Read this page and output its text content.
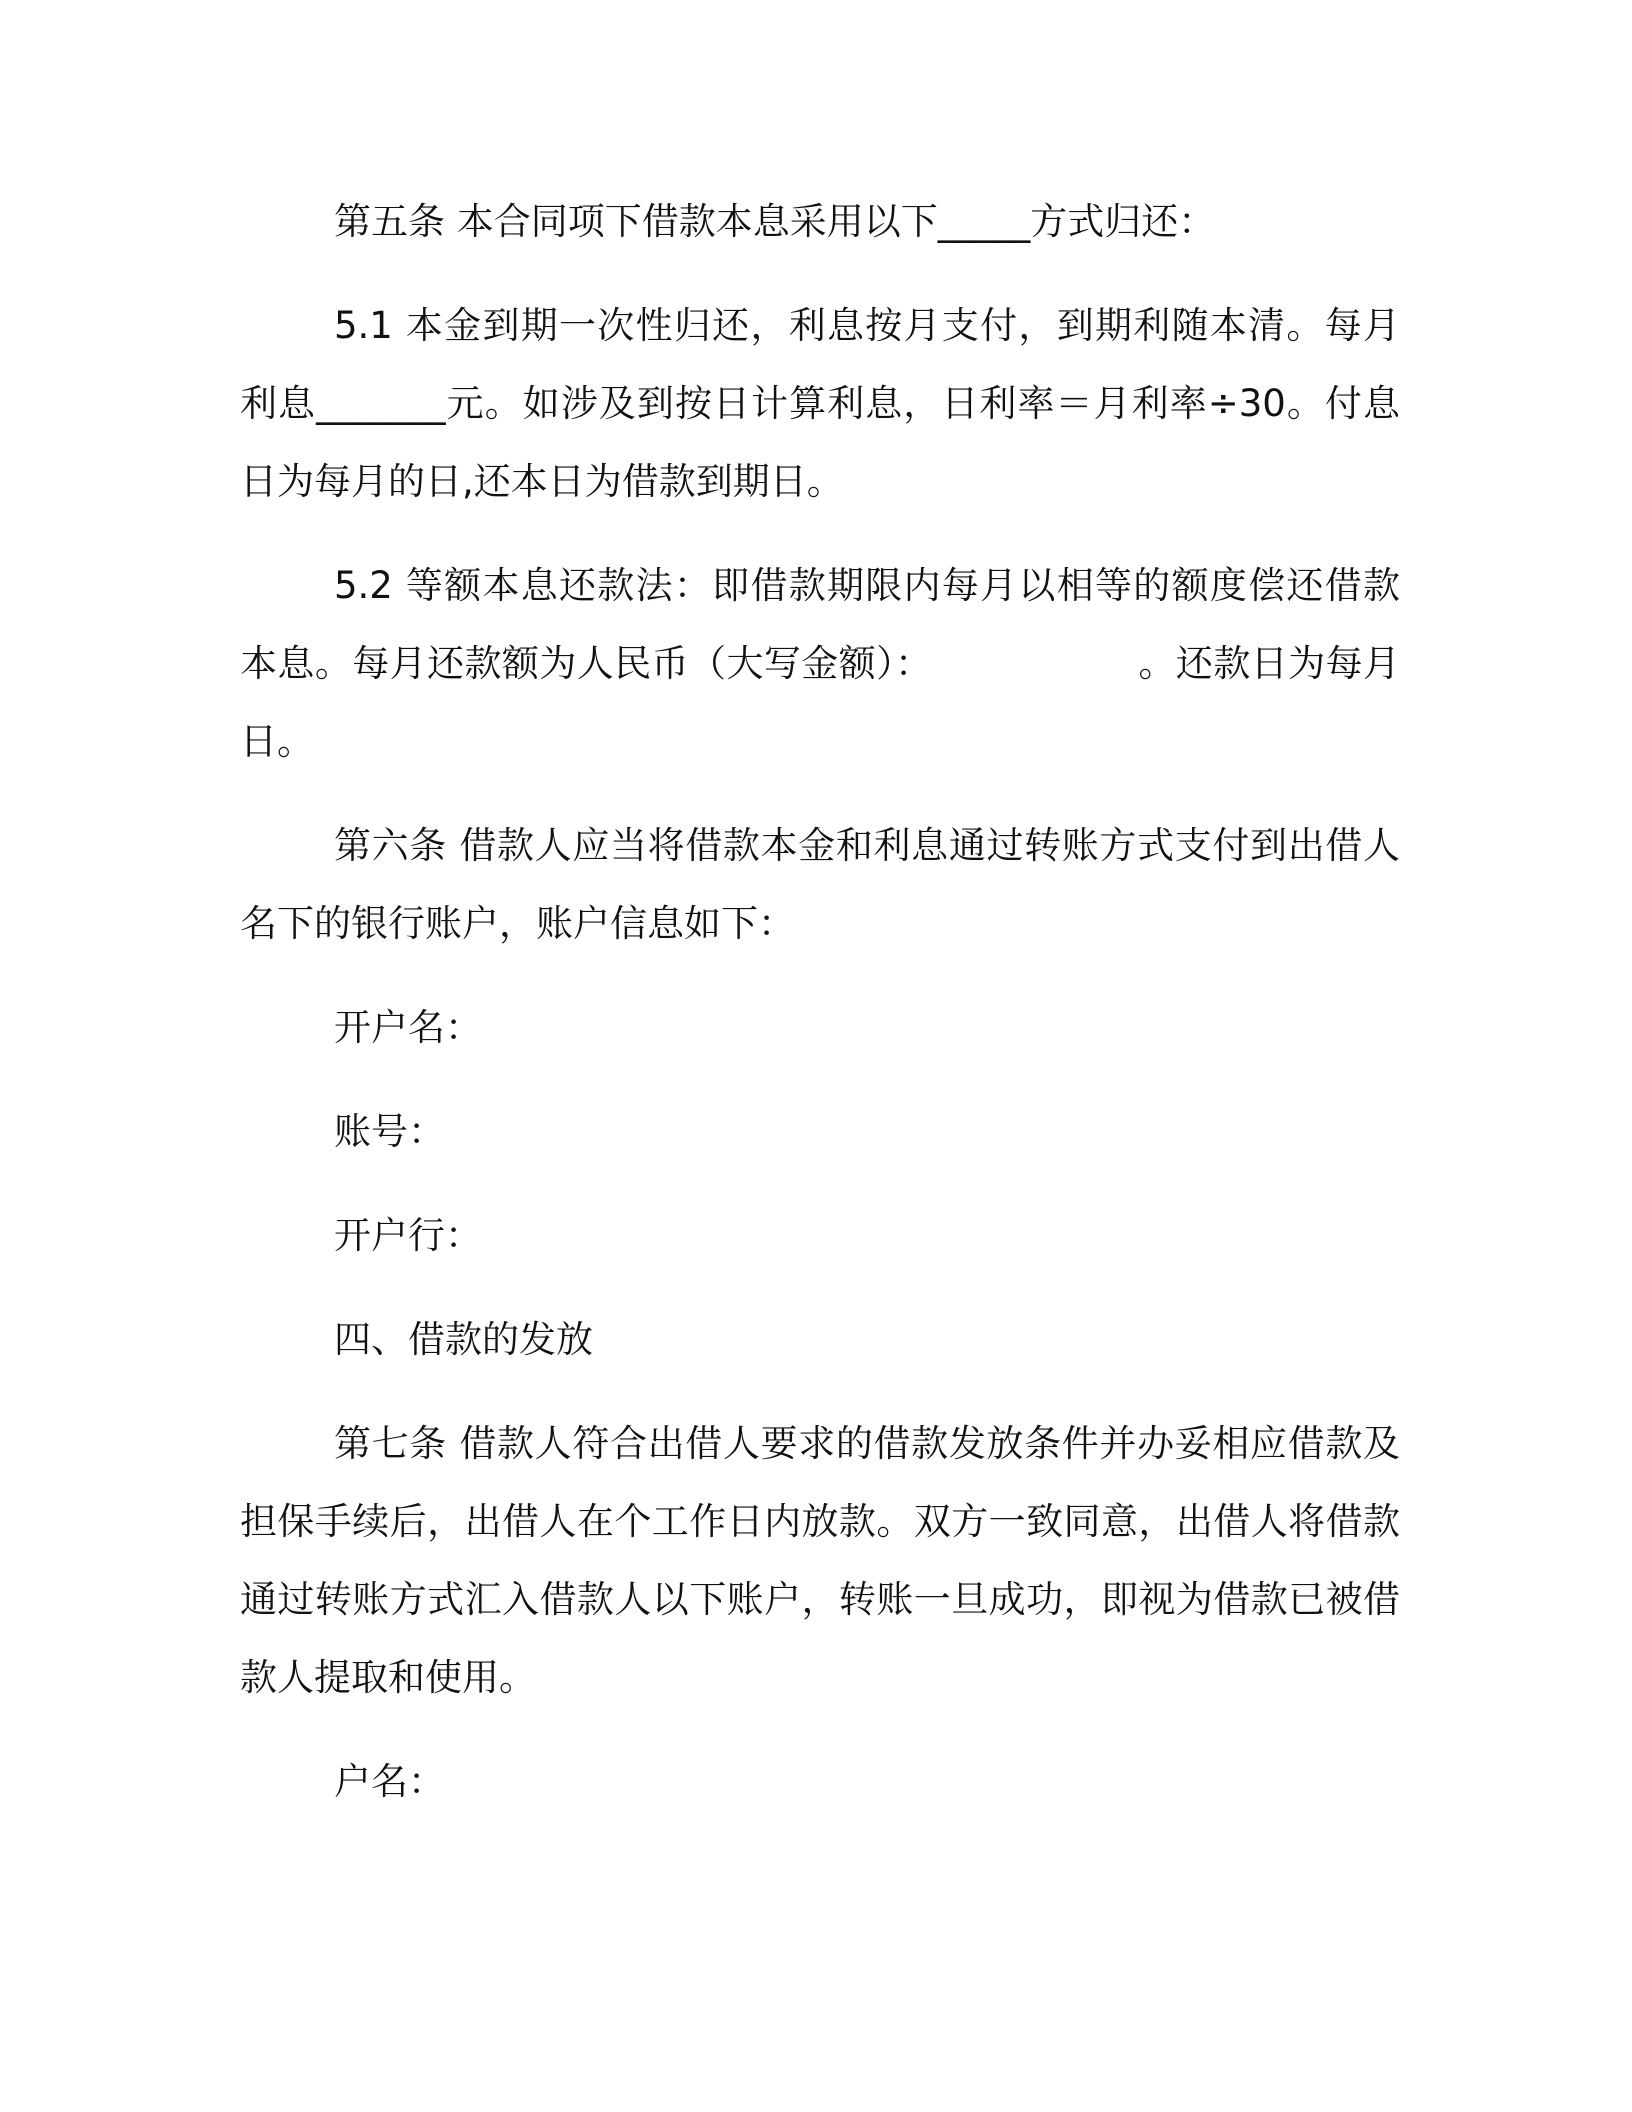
第五条 本合同项下借款本息采用以下_____方式归还：

5.1 本金到期一次性归还，利息按月支付，到期利随本清。每月利息_______元。如涉及到按日计算利息，日利率＝月利率÷30。付息日为每月的日,还本日为借款到期日。

5.2 等额本息还款法：即借款期限内每月以相等的额度偿还借款本息。每月还款额为人民币（大写金额）：　　　　　　。还款日为每月日。

第六条 借款人应当将借款本金和利息通过转账方式支付到出借人名下的银行账户，账户信息如下：

开户名：

账号：

开户行：

四、借款的发放

第七条 借款人符合出借人要求的借款发放条件并办妥相应借款及担保手续后，出借人在个工作日内放款。双方一致同意，出借人将借款通过转账方式汇入借款人以下账户，转账一旦成功，即视为借款已被借款人提取和使用。

户名：
